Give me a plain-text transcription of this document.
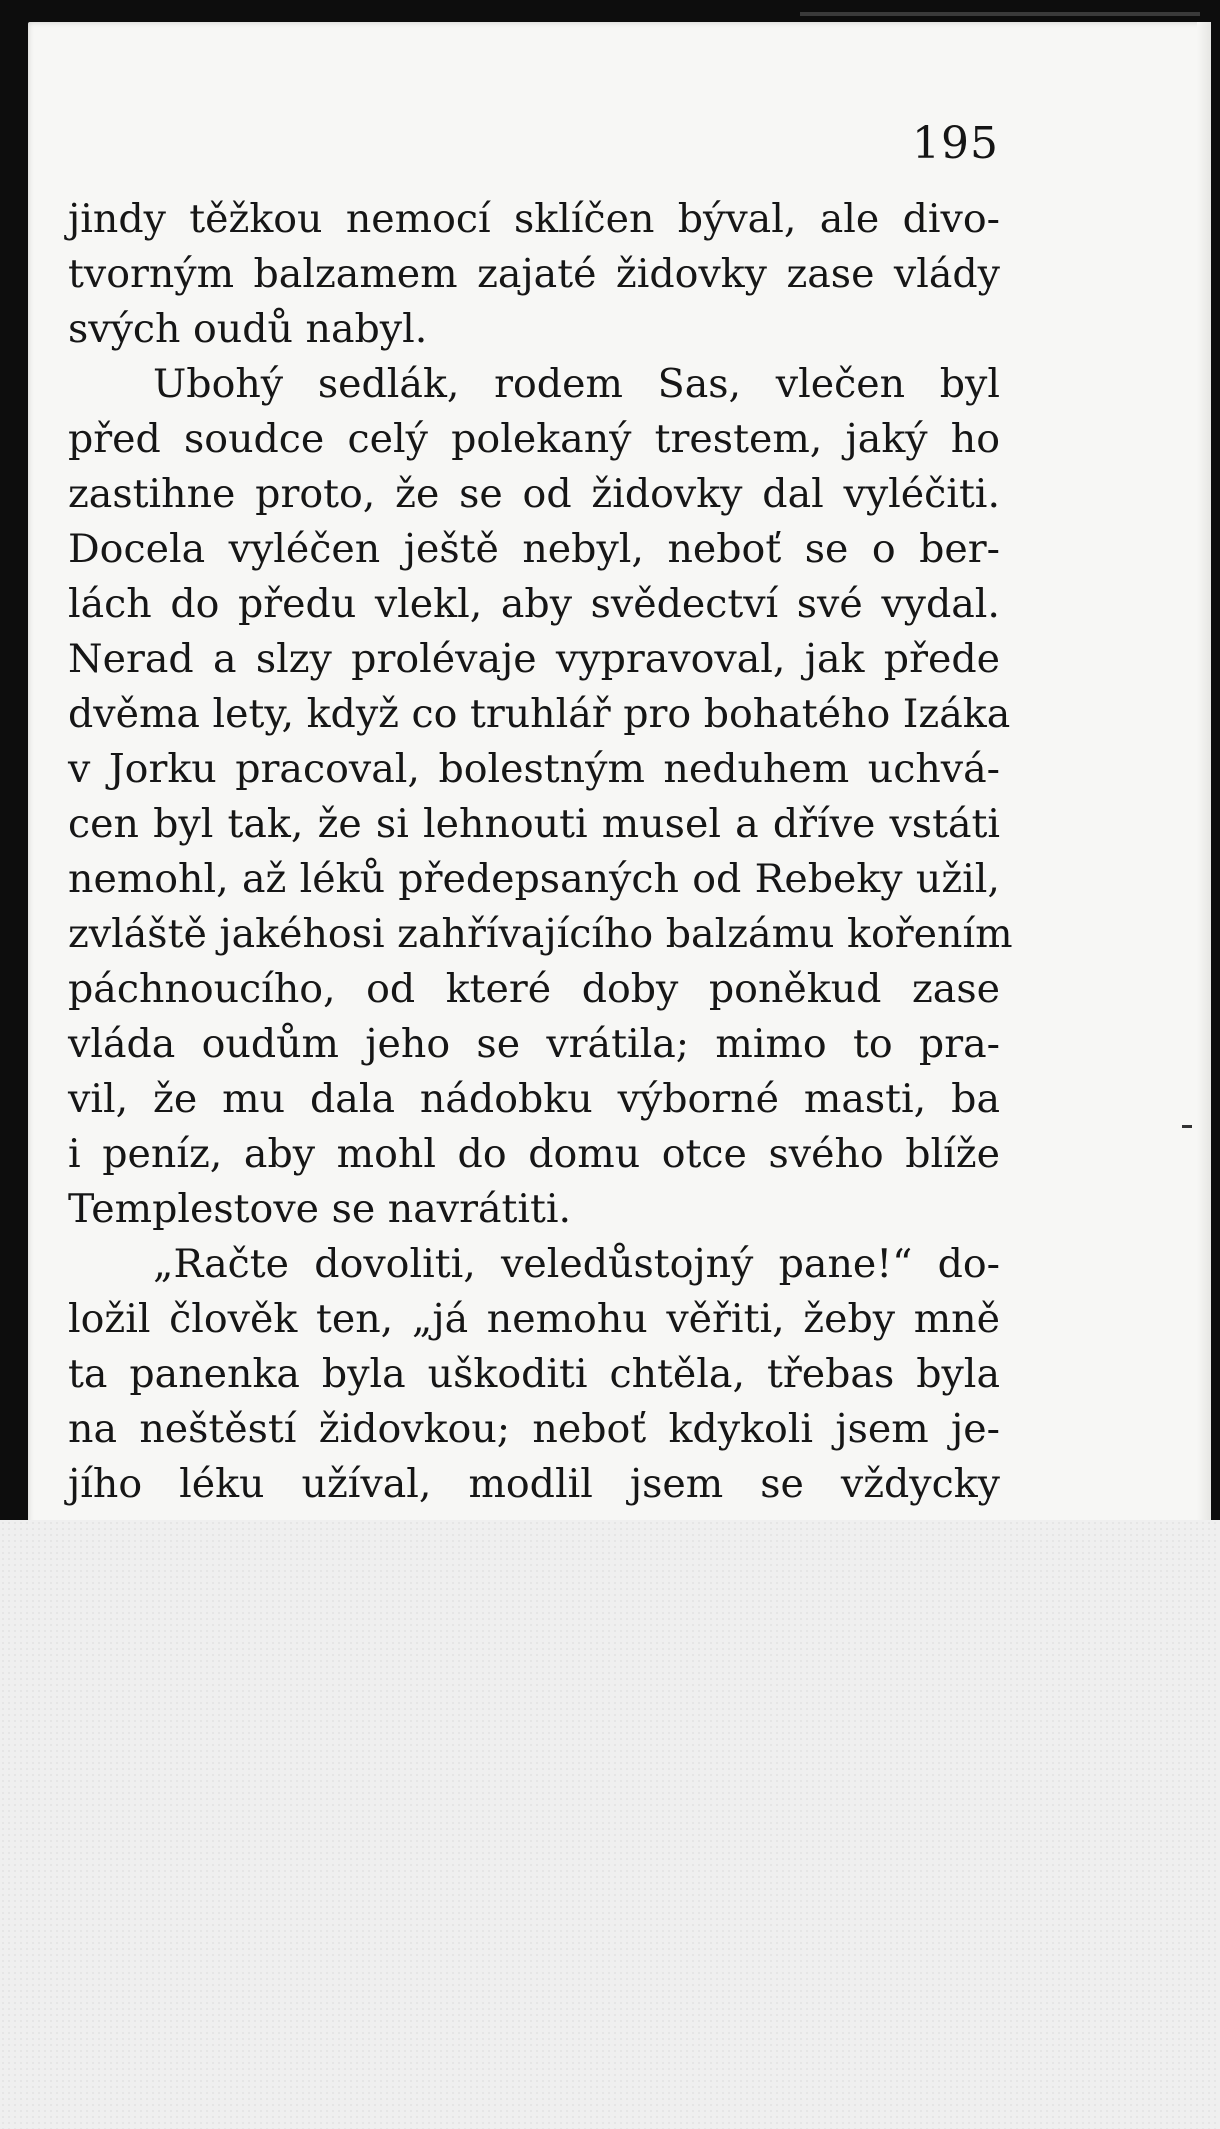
195
jindy těžkou nemocí sklíčen býval, ale divo-
tvorným balzamem zajaté židovky zase vlády
svých oudů nabyl.
Ubohý sedlák, rodem Sas, vlečen byl
před soudce celý polekaný trestem, jaký ho
zastihne proto, že se od židovky dal vyléčiti.
Docela vyléčen ještě nebyl, neboť se o ber-
lách do předu vlekl, aby svědectví své vydal.
Nerad a slzy prolévaje vypravoval, jak přede
dvěma lety, když co truhlář pro bohatého Izáka
v Jorku pracoval, bolestným neduhem uchvá-
cen byl tak, že si lehnouti musel a dříve vstáti
nemohl, až léků předepsaných od Rebeky užil,
zvláště jakéhosi zahřívajícího balzámu kořením
páchnoucího, od které doby poněkud zase
vláda oudům jeho se vrátila; mimo to pra-
vil, že mu dala nádobku výborné masti, ba
i peníz, aby mohl do domu otce svého blíže
Templestove se navrátiti.
„Račte dovoliti, veledůstojný pane!“ do-
ložil člověk ten, „já nemohu věřiti, žeby mně
ta panenka byla uškoditi chtěla, třebas byla
na neštěstí židovkou; neboť kdykoli jsem je-
jího léku užíval, modlil jsem se vždycky
